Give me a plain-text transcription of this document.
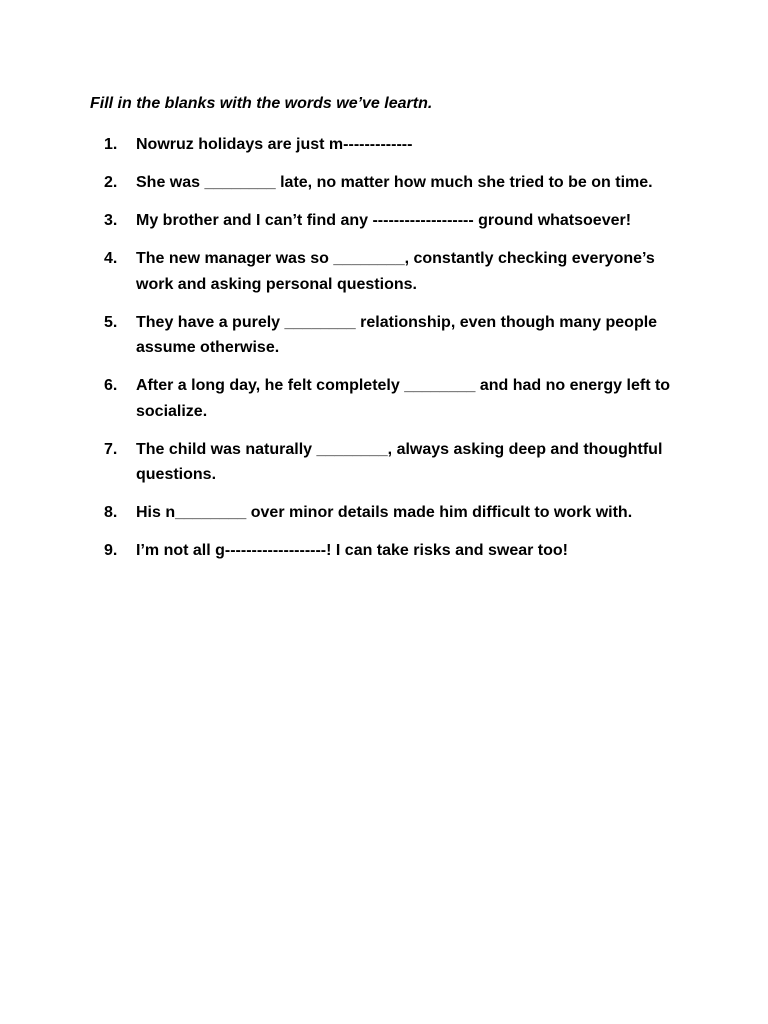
Fill in the blanks with the words we’ve leartn.

1.	Nowruz holidays are just m-------------
2.	She was ________ late, no matter how much she tried to be on time.
3.	My brother and I can’t find any ------------------- ground whatsoever!
4.	The new manager was so ________, constantly checking everyone’s work and asking personal questions.
5.	They have a purely ________ relationship, even though many people assume otherwise.
6.	After a long day, he felt completely ________ and had no energy left to socialize.
7.	The child was naturally ________, always asking deep and thoughtful questions.
8.	His n________ over minor details made him difficult to work with.
9.	I’m not all g-------------------! I can take risks and swear too!
